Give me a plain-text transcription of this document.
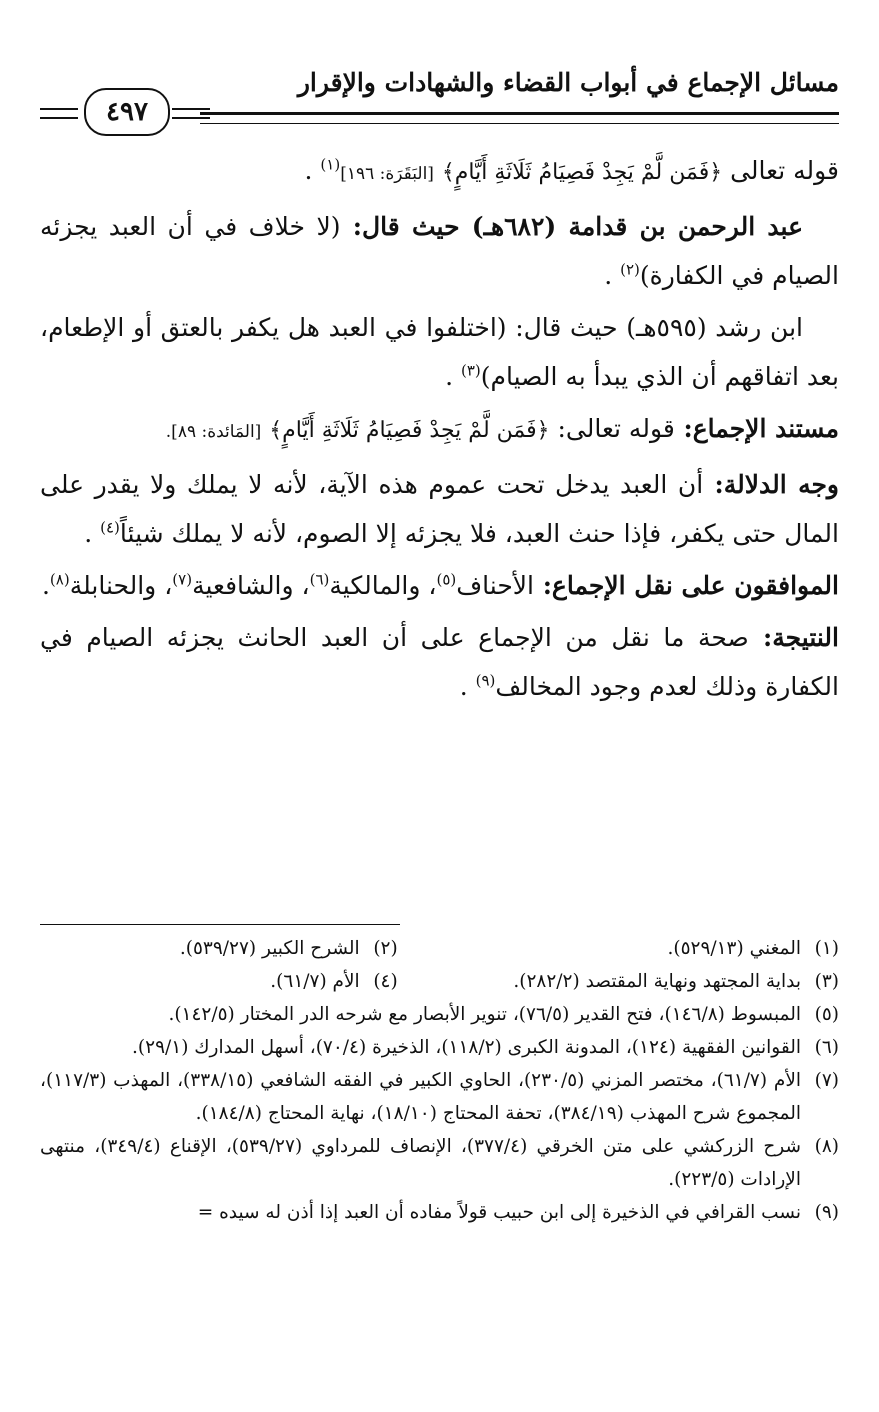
مسائل الإجماع في أبواب القضاء والشهادات والإقرار
٤٩٧

قوله تعالى ﴿فَمَن لَّمْ يَجِدْ فَصِيَامُ ثَلَاثَةِ أَيَّامٍ﴾ [البَقَرَة: ١٩٦]$^{(١)}$ .

عبد الرحمن بن قدامة (٦٨٢هـ) حيث قال: (لا خلاف في أن العبد يجزئه الصيام في الكفارة)$^{(٢)}$ .

ابن رشد (٥٩٥هـ) حيث قال: (اختلفوا في العبد هل يكفر بالعتق أو الإطعام، بعد اتفاقهم أن الذي يبدأ به الصيام)$^{(٣)}$ .

مستند الإجماع: قوله تعالى: ﴿فَمَن لَّمْ يَجِدْ فَصِيَامُ ثَلَاثَةِ أَيَّامٍ﴾ [المَائدة: ٨٩].

وجه الدلالة: أن العبد يدخل تحت عموم هذه الآية، لأنه لا يملك ولا يقدر على المال حتى يكفر، فإذا حنث العبد، فلا يجزئه إلا الصوم، لأنه لا يملك شيئاً$^{(٤)}$ .

الموافقون على نقل الإجماع: الأحناف$^{(٥)}$، والمالكية$^{(٦)}$، والشافعية$^{(٧)}$، والحنابلة$^{(٨)}$.

النتيجة: صحة ما نقل من الإجماع على أن العبد الحانث يجزئه الصيام في الكفارة وذلك لعدم وجود المخالف$^{(٩)}$ .

(١)
المغني (٥٢٩/١٣).
(٢)
الشرح الكبير (٥٣٩/٢٧).
(٣)
بداية المجتهد ونهاية المقتصد (٢٨٢/٢).
(٤)
الأم (٦١/٧).
(٥)
المبسوط (١٤٦/٨)، فتح القدير (٧٦/٥)، تنوير الأبصار مع شرحه الدر المختار (١٤٢/٥).
(٦)
القوانين الفقهية (١٢٤)، المدونة الكبرى (١١٨/٢)، الذخيرة (٧٠/٤)، أسهل المدارك (٢٩/١).
(٧)
الأم (٦١/٧)، مختصر المزني (٢٣٠/٥)، الحاوي الكبير في الفقه الشافعي (٣٣٨/١٥)، المهذب (١١٧/٣)، المجموع شرح المهذب (٣٨٤/١٩)، تحفة المحتاج (١٨/١٠)، نهاية المحتاج (١٨٤/٨).
(٨)
شرح الزركشي على متن الخرقي (٣٧٧/٤)، الإنصاف للمرداوي (٥٣٩/٢٧)، الإقناع (٣٤٩/٤)، منتهى الإرادات (٢٢٣/٥).
(٩)
نسب القرافي في الذخيرة إلى ابن حبيب قولاً مفاده أن العبد إذا أذن له سيده =
